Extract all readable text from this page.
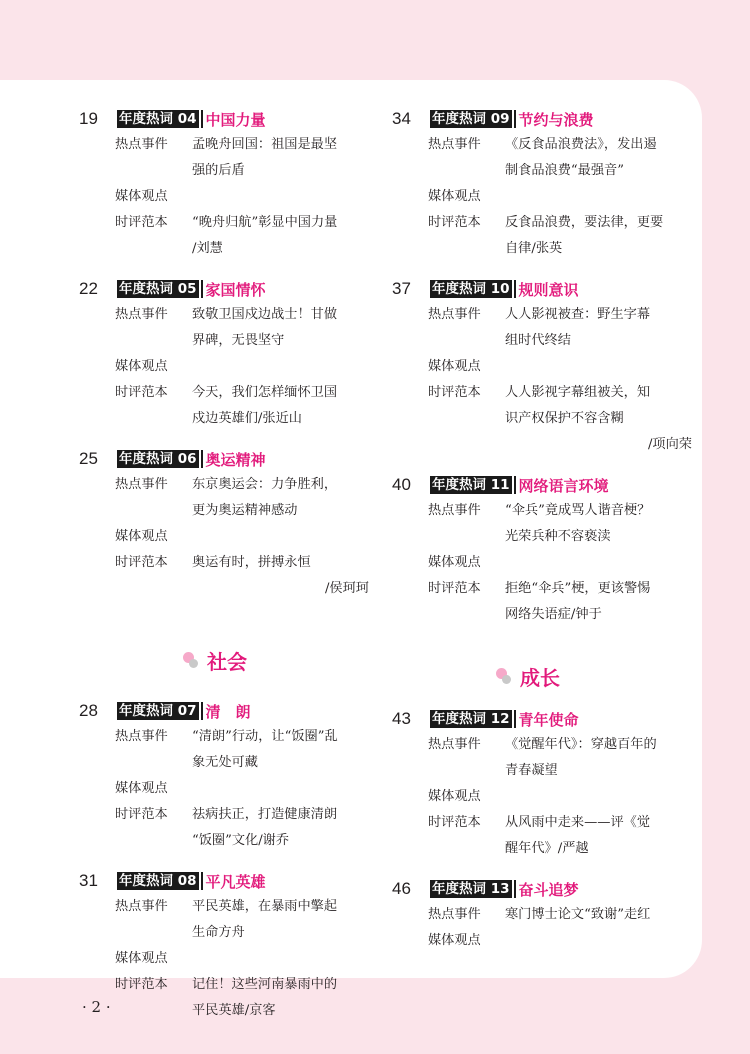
19	年度热词 04 中国力量
热点事件	孟晚舟回国：祖国是最坚
强的后盾
媒体观点
时评范本	“晚舟归航”彰显中国力量
/刘慧
22	年度热词 05 家国情怀
热点事件	致敬卫国戍边战士！甘做
界碑，无畏坚守
媒体观点
时评范本	今天，我们怎样缅怀卫国
戍边英雄们/张近山
25	年度热词 06 奥运精神
热点事件	东京奥运会：力争胜利，
更为奥运精神感动
媒体观点
时评范本	奥运有时，拼搏永恒
/侯珂珂
社会
28	年度热词 07 清　朗
热点事件	“清朗”行动，让“饭圈”乱
象无处可藏
媒体观点
时评范本	祛病扶正，打造健康清朗
“饭圈”文化/谢乔
31	年度热词 08 平凡英雄
热点事件	平民英雄，在暴雨中擎起
生命方舟
媒体观点
时评范本	记住！这些河南暴雨中的
平民英雄/京客
34	年度热词 09 节约与浪费
热点事件	《反食品浪费法》，发出遏
制食品浪费“最强音”
媒体观点
时评范本	反食品浪费，要法律，更要
自律/张英
37	年度热词 10 规则意识
热点事件	人人影视被查：野生字幕
组时代终结
媒体观点
时评范本	人人影视字幕组被关，知
识产权保护不容含糊
/项向荣
40	年度热词 11 网络语言环境
热点事件	“伞兵”竟成骂人谐音梗？
光荣兵种不容亵渎
媒体观点
时评范本	拒绝“伞兵”梗，更该警惕
网络失语症/钟于
成长
43	年度热词 12 青年使命
热点事件	《觉醒年代》：穿越百年的
青春凝望
媒体观点
时评范本	从风雨中走来——评《觉
醒年代》/严越
46	年度热词 13 奋斗追梦
热点事件	寒门博士论文“致谢”走红
媒体观点
· 2 ·
